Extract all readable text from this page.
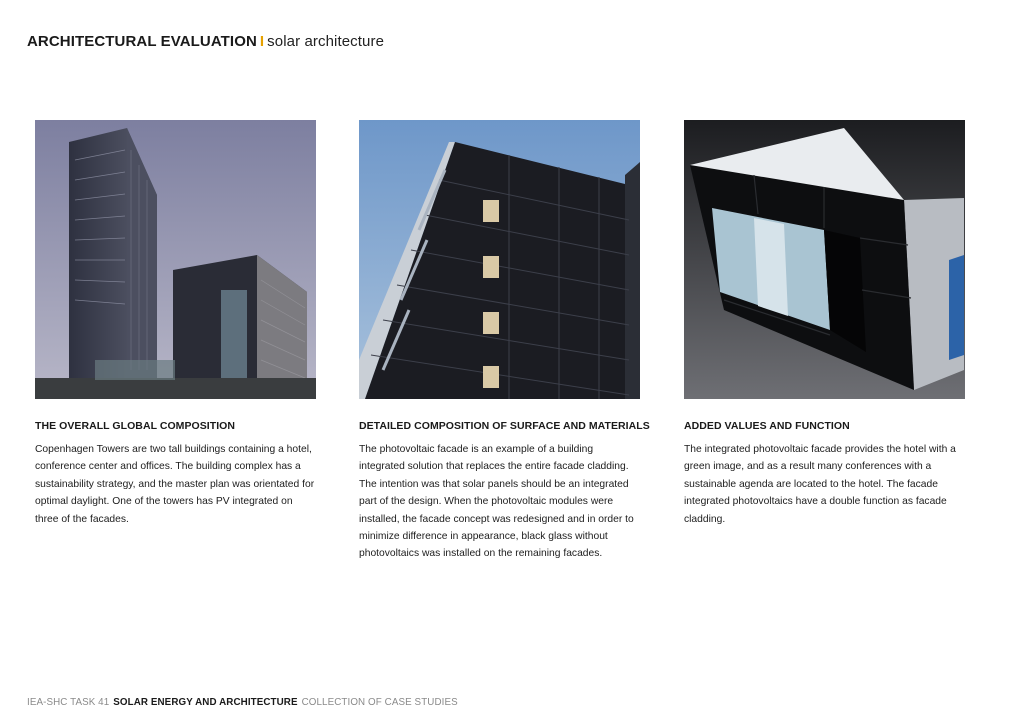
ARCHITECTURAL EVALUATION I solar architecture
THE OVERALL GLOBAL COMPOSITION
Copenhagen Towers are two tall buildings containing a hotel, conference center and offices. The building complex has a sustainability strategy, and the master plan was orientated for optimal daylight. One of the towers has PV integrated on three of the facades.
DETAILED COMPOSITION OF SURFACE AND MATERIALS
The photovoltaic facade is an example of a building integrated solution that replaces the entire facade cladding. The intention was that solar panels should be an integrated part of the design. When the photovoltaic modules were installed, the facade concept was redesigned and in order to minimize difference in appearance, black glass without photovoltaics was installed on the remaining facades.
ADDED VALUES AND FUNCTION
The integrated photovoltaic facade provides the hotel with a green image, and as a result many conferences with a sustainable agenda are located to the hotel. The facade integrated photovoltaics have a double function as facade cladding.
IEA-SHC TASK 41 SOLAR ENERGY AND ARCHITECTURE COLLECTION OF CASE STUDIES
